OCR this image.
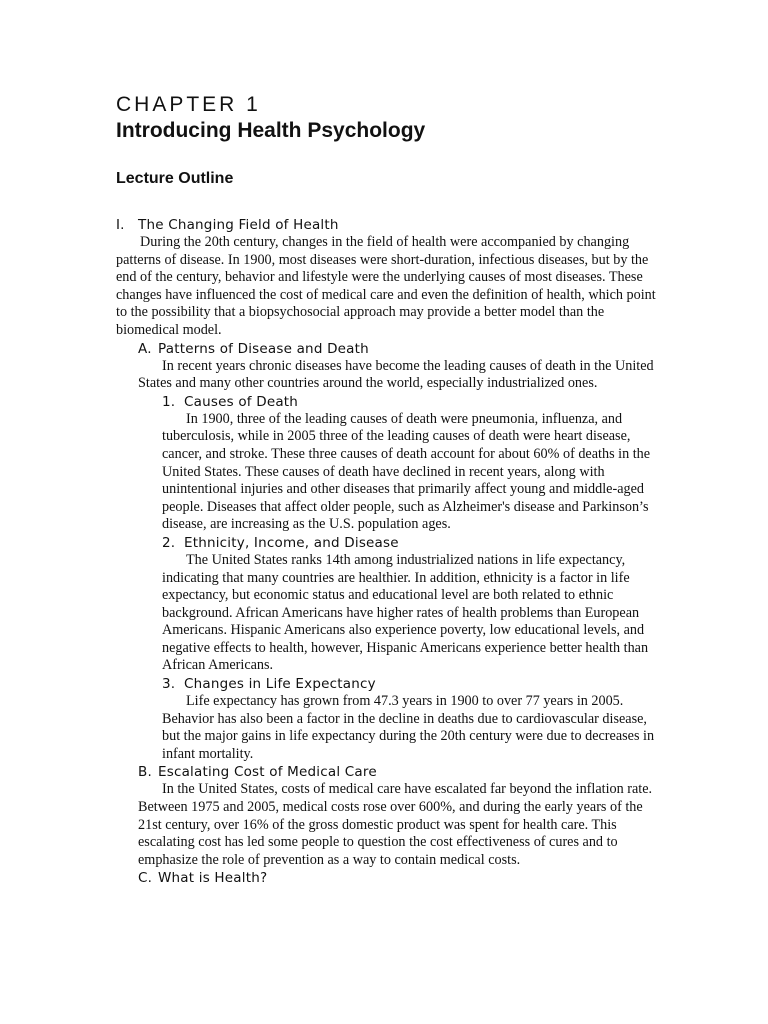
CHAPTER 1
Introducing Health Psychology
Lecture Outline
I. The Changing Field of Health

During the 20th century, changes in the field of health were accompanied by changing patterns of disease. In 1900, most diseases were short-duration, infectious diseases, but by the end of the century, behavior and lifestyle were the underlying causes of most diseases. These changes have influenced the cost of medical care and even the definition of health, which point to the possibility that a biopsychosocial approach may provide a better model than the biomedical model.

A. Patterns of Disease and Death

In recent years chronic diseases have become the leading causes of death in the United States and many other countries around the world, especially industrialized ones.

1. Causes of Death

In 1900, three of the leading causes of death were pneumonia, influenza, and tuberculosis, while in 2005 three of the leading causes of death were heart disease, cancer, and stroke. These three causes of death account for about 60% of deaths in the United States. These causes of death have declined in recent years, along with unintentional injuries and other diseases that primarily affect young and middle-aged people. Diseases that affect older people, such as Alzheimer's disease and Parkinson’s disease, are increasing as the U.S. population ages.

2. Ethnicity, Income, and Disease

The United States ranks 14th among industrialized nations in life expectancy, indicating that many countries are healthier. In addition, ethnicity is a factor in life expectancy, but economic status and educational level are both related to ethnic background. African Americans have higher rates of health problems than European Americans. Hispanic Americans also experience poverty, low educational levels, and negative effects to health, however, Hispanic Americans experience better health than African Americans.

3. Changes in Life Expectancy

Life expectancy has grown from 47.3 years in 1900 to over 77 years in 2005. Behavior has also been a factor in the decline in deaths due to cardiovascular disease, but the major gains in life expectancy during the 20th century were due to decreases in infant mortality.

B. Escalating Cost of Medical Care

In the United States, costs of medical care have escalated far beyond the inflation rate. Between 1975 and 2005, medical costs rose over 600%, and during the early years of the 21st century, over 16% of the gross domestic product was spent for health care. This escalating cost has led some people to question the cost effectiveness of cures and to emphasize the role of prevention as a way to contain medical costs.

C. What is Health?
